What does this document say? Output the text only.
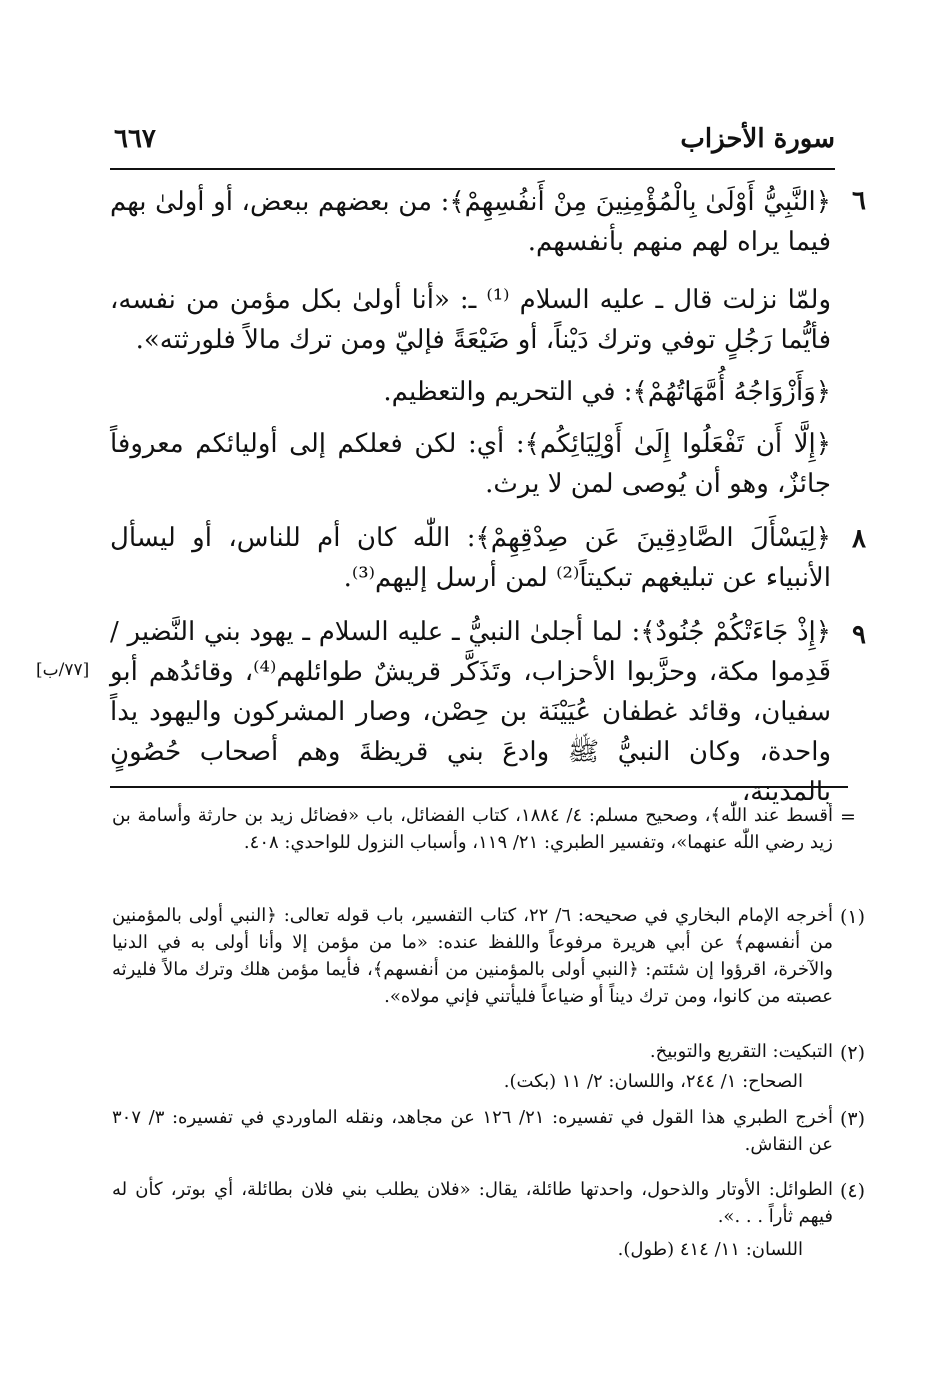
سورة الأحزاب
٦٦٧
٦
﴿النَّبِيُّ أَوْلَىٰ بِالْمُؤْمِنِينَ مِنْ أَنفُسِهِمْ﴾: من بعضهم ببعض، أو أولىٰ بهم فيما يراه لهم منهم بأنفسهم.
ولمّا نزلت قال ـ عليه السلام ⁽¹⁾ ـ: «أنا أولىٰ بكل مؤمن من نفسه، فأيُّما رَجُلٍ توفي وترك دَيْناً، أو ضَيْعَةً فإليّ ومن ترك مالاً فلورثته».
﴿وَأَزْوَاجُهُ أُمَّهَاتُهُمْ﴾: في التحريم والتعظيم.
﴿إِلَّا أَن تَفْعَلُوا إِلَىٰ أَوْلِيَائِكُم﴾: أي: لكن فعلكم إلى أوليائكم معروفاً جائزٌ، وهو أن يُوصى لمن لا يرث.
٨
﴿لِيَسْأَلَ الصَّادِقِينَ عَن صِدْقِهِمْ﴾: اللّٰه كان أم للناس، أو ليسأل الأنبياء عن تبليغهم تبكيتاً⁽²⁾ لمن أرسل إليهم⁽³⁾.
٩
[٧٧/ب]
﴿إِذْ جَاءَتْكُمْ جُنُودٌ﴾: لما أجلىٰ النبيُّ ـ عليه السلام ـ يهود بني النَّضير / قَدِموا مكة، وحزَّبوا الأحزاب، وتَذَكَّر قريشٌ طوائلهم⁽⁴⁾، وقائدُهم أبو سفيان، وقائد غطفان عُيَيْنَة بن حِصْن، وصار المشركون واليهود يداً واحدة، وكان النبيُّ ﷺ وادعَ بني قريظةَ وهم أصحاب حُصُونٍ بالمدينة،
=
أقسط عند اللّٰه﴾، وصحيح مسلم: ٤/ ١٨٨٤، كتاب الفضائل، باب «فضائل زيد بن حارثة وأسامة بن زيد رضي اللّٰه عنهما»، وتفسير الطبري: ٢١/ ١١٩، وأسباب النزول للواحدي: ٤٠٨.
(١)
أخرجه الإمام البخاري في صحيحه: ٦/ ٢٢، كتاب التفسير، باب قوله تعالى: ﴿النبي أولى بالمؤمنين من أنفسهم﴾ عن أبي هريرة مرفوعاً واللفظ عنده: «ما من مؤمن إلا وأنا أولى به في الدنيا والآخرة، اقرؤوا إن شئتم: ﴿النبي أولى بالمؤمنين من أنفسهم﴾، فأيما مؤمن هلك وترك مالاً فليرثه عصبته من كانوا، ومن ترك ديناً أو ضياعاً فليأتني فإني مولاه».
(٢)
التبكيت: التقريع والتوبيخ.
الصحاح: ١/ ٢٤٤، واللسان: ٢/ ١١ (بكت).
(٣)
أخرج الطبري هذا القول في تفسيره: ٢١/ ١٢٦ عن مجاهد، ونقله الماوردي في تفسيره: ٣/ ٣٠٧ عن النقاش.
(٤)
الطوائل: الأوتار والذحول، واحدتها طائلة، يقال: «فلان يطلب بني فلان بطائلة، أي بوتر، كأن له فيهم ثأراً . . .».
اللسان: ١١/ ٤١٤ (طول).
